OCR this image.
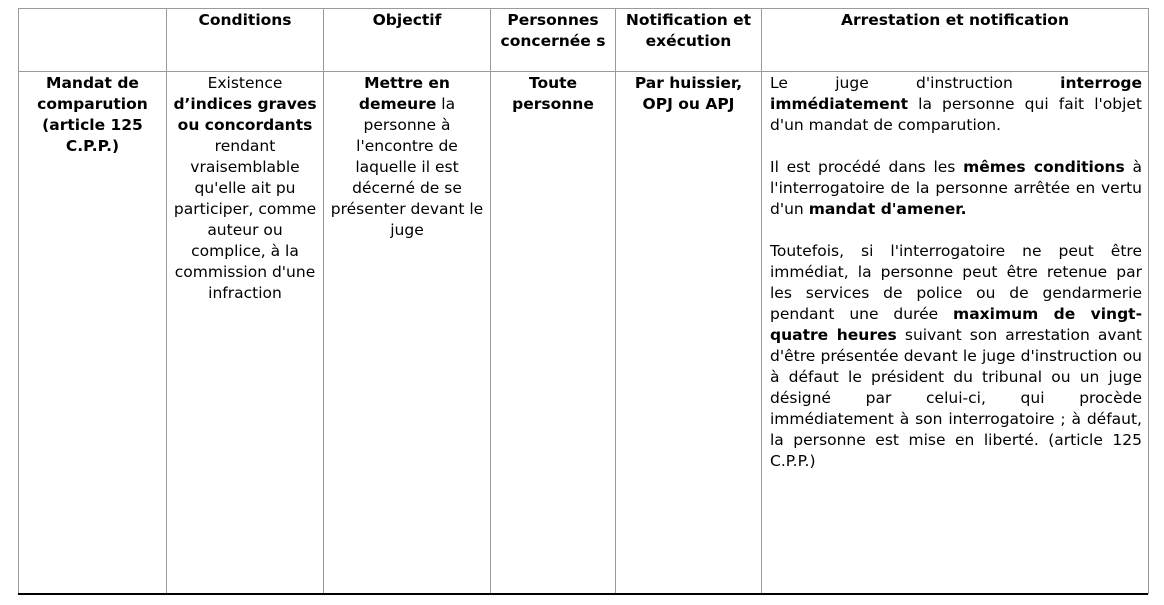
	Conditions	Objectif	Personnes concernée s	Notification et exécution	Arrestation et notification
Mandat de comparution (article 125 C.P.P.)	Existence d’indices graves ou concordants rendant vraisemblable qu'elle ait pu participer, comme auteur ou complice, à la commission d'une infraction	Mettre en demeure la personne à l'encontre de laquelle il est décerné de se présenter devant le juge	Toute personne	Par huissier, OPJ ou APJ	Le juge d'instruction interroge immédiatement la personne qui fait l'objet d'un mandat de comparution.

Il est procédé dans les mêmes conditions à l'interrogatoire de la personne arrêtée en vertu d'un mandat d'amener.

Toutefois, si l'interrogatoire ne peut être immédiat, la personne peut être retenue par les services de police ou de gendarmerie pendant une durée maximum de vingt-quatre heures suivant son arrestation avant d'être présentée devant le juge d'instruction ou à défaut le président du tribunal ou un juge désigné par celui-ci, qui procède immédiatement à son interrogatoire ; à défaut, la personne est mise en liberté. (article 125 C.P.P.)
